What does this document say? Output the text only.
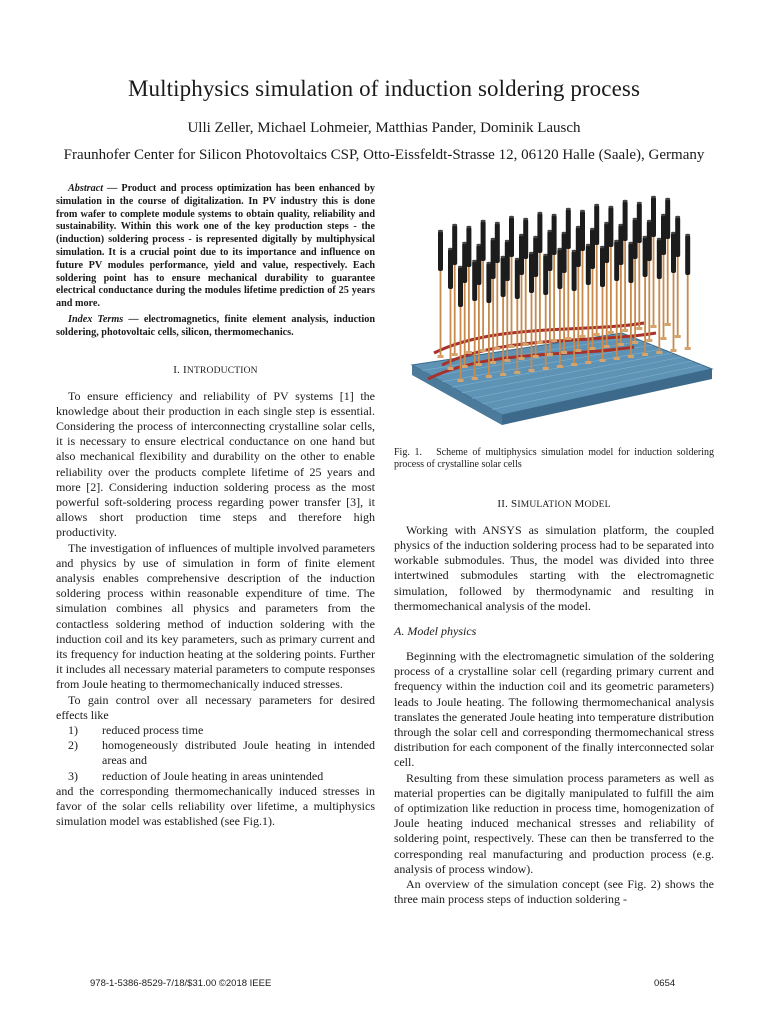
Multiphysics simulation of induction soldering process
Ulli Zeller, Michael Lohmeier, Matthias Pander, Dominik Lausch
Fraunhofer Center for Silicon Photovoltaics CSP, Otto-Eissfeldt-Strasse 12, 06120 Halle (Saale), Germany

Abstract — Product and process optimization has been enhanced by simulation in the course of digitalization. In PV industry this is done from wafer to complete module systems to obtain quality, reliability and sustainability. Within this work one of the key production steps - the (induction) soldering process - is represented digitally by multiphysical simulation. It is a crucial point due to its importance and influence on future PV modules performance, yield and value, respectively. Each soldering point has to ensure mechanical durability to guarantee electrical conductance during the modules lifetime prediction of 25 years and more.

Index Terms — electromagnetics, finite element analysis, induction soldering, photovoltaic cells, silicon, thermomechanics.

I. INTRODUCTION

To ensure efficiency and reliability of PV systems [1] the knowledge about their production in each single step is essential. Considering the process of interconnecting crystalline solar cells, it is necessary to ensure electrical conductance on one hand but also mechanical flexibility and durability on the other to enable reliability over the products complete lifetime of 25 years and more [2]. Considering induction soldering process as the most powerful soft-soldering process regarding power transfer [3], it allows short production time steps and therefore high productivity.

The investigation of influences of multiple involved parameters and physics by use of simulation in form of finite element analysis enables comprehensive description of the induction soldering process within reasonable expenditure of time. The simulation combines all physics and parameters from the contactless soldering method of induction soldering with the induction coil and its key parameters, such as primary current and its frequency for induction heating at the soldering points. Further it includes all necessary material parameters to compute responses from Joule heating to thermomechanically induced stresses.

To gain control over all necessary parameters for desired effects like

1)	reduced process time
2)	homogeneously distributed Joule heating in intended areas and
3)	reduction of Joule heating in areas unintended

and the corresponding thermomechanically induced stresses in favor of the solar cells reliability over lifetime, a multiphysics simulation model was established (see Fig.1).

Fig. 1. Scheme of multiphysics simulation model for induction soldering process of crystalline solar cells

II. SIMULATION MODEL

Working with ANSYS as simulation platform, the coupled physics of the induction soldering process had to be separated into workable submodules. Thus, the model was divided into three intertwined submodules starting with the electromagnetic simulation, followed by thermodynamic and resulting in thermomechanical analysis of the model.

A. Model physics

Beginning with the electromagnetic simulation of the soldering process of a crystalline solar cell (regarding primary current and frequency within the induction coil and its geometric parameters) leads to Joule heating. The following thermomechanical analysis translates the generated Joule heating into temperature distribution through the solar cell and corresponding thermomechanical stress distribution for each component of the finally interconnected solar cell.

Resulting from these simulation process parameters as well as material properties can be digitally manipulated to fulfill the aim of optimization like reduction in process time, homogenization of Joule heating induced mechanical stresses and reliability of soldering point, respectively. These can then be transferred to the corresponding real manufacturing and production process (e.g. analysis of process window).

An overview of the simulation concept (see Fig. 2) shows the three main process steps of induction soldering -

978-1-5386-8529-7/18/$31.00 ©2018 IEEE	0654
